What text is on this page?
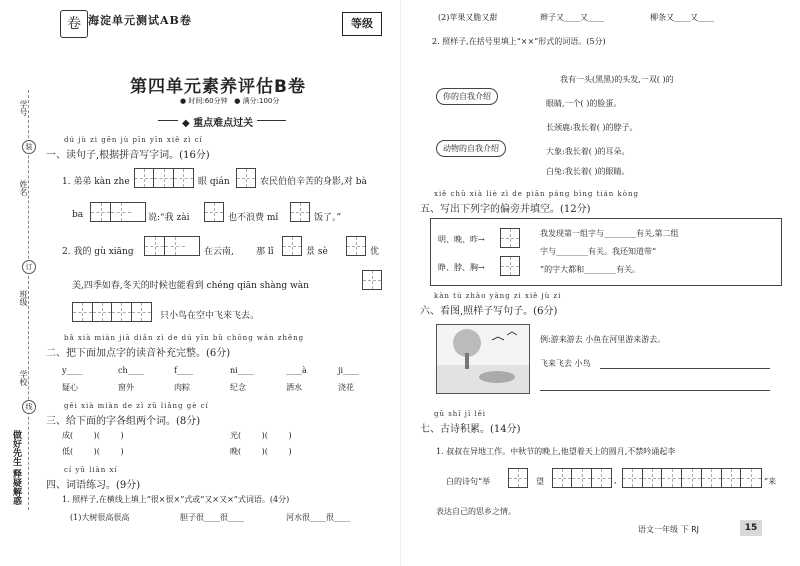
学号
装
姓名
订
班级
学校
线
做好先生 释疑解惑
卷 海淀单元测试AB卷	等级
第四单元素养评估B卷
● 时间:60分钟 ● 满分:100分
◆ 重点难点过关
dú jù zi gēn jù pīn yīn xiě zì cí
一、读句子,根据拼音写字词。(16分)
1. 弟弟 kàn zhe	眼 qián	农民伯伯辛苦的身影,对 bà
ba	说:“我 zài	也不浪费 mǐ	饭了。”
2. 我的 gù xiāng	在云南, 那 lǐ	景 sè	优
美,四季如春,冬天的时候也能看到 chéng qiān shàng wàn
只小鸟在空中飞来飞去。
bǎ xià miàn jiā diǎn zì de dú yīn bǔ chōng wán zhěng
二、把下面加点字的读音补充完整。(6分)
y____	ch____	f____	ni____	____à	ji____
疑心	窗外	肉粽	纪念	洒水	浇花
gěi xià miàn de zì zǔ liǎng gè cí
三、给下面的字各组两个词。(8分)
成( )( )	光( )( )
低( )( )	晚( )( )
cí yǔ liàn xí
四、词语练习。(9分)
1. 照样子,在横线上填上“很×很×”式或“又×又×”式词语。(4分)
(1)大树很高很高	胆子很____很____	河水很____很____
(2)苹果又脆又甜	辫子又____又____	柳条又____又____
2. 照样子,在括号里填上“××”形式的词语。(5分)
你的自我介绍
动物的自我介绍
我有一头(黑黑)的头发,一双( )的
眼睛,一个( )的脸蛋。
长颈鹿:我长着( )的脖子。
大象:我长着( )的耳朵。
白兔:我长着( )的眼睛。
xiě chū xià liè zì de piān páng bìng tián kòng
五、写出下列字的偏旁并填空。(12分)
明、晚、昨→
睁、脖、胸→
我发现第一组字与________有关,第二组
字与________有关。我还知道带“
”的字大都和________有关。
kàn tú zhào yàng zi xiě jù zi
六、看图,照样子写句子。(6分)
例:游来游去 小鱼在河里游来游去。
飞来飞去 小鸟
gǔ shī jī lěi
七、古诗积累。(14分)
1. 叔叔在异地工作。中秋节的晚上,他望着天上的圆月,不禁吟诵起李
白的诗句“举	望	,	”来
表达自己的思乡之情。
语文一年级 下 RJ	15
